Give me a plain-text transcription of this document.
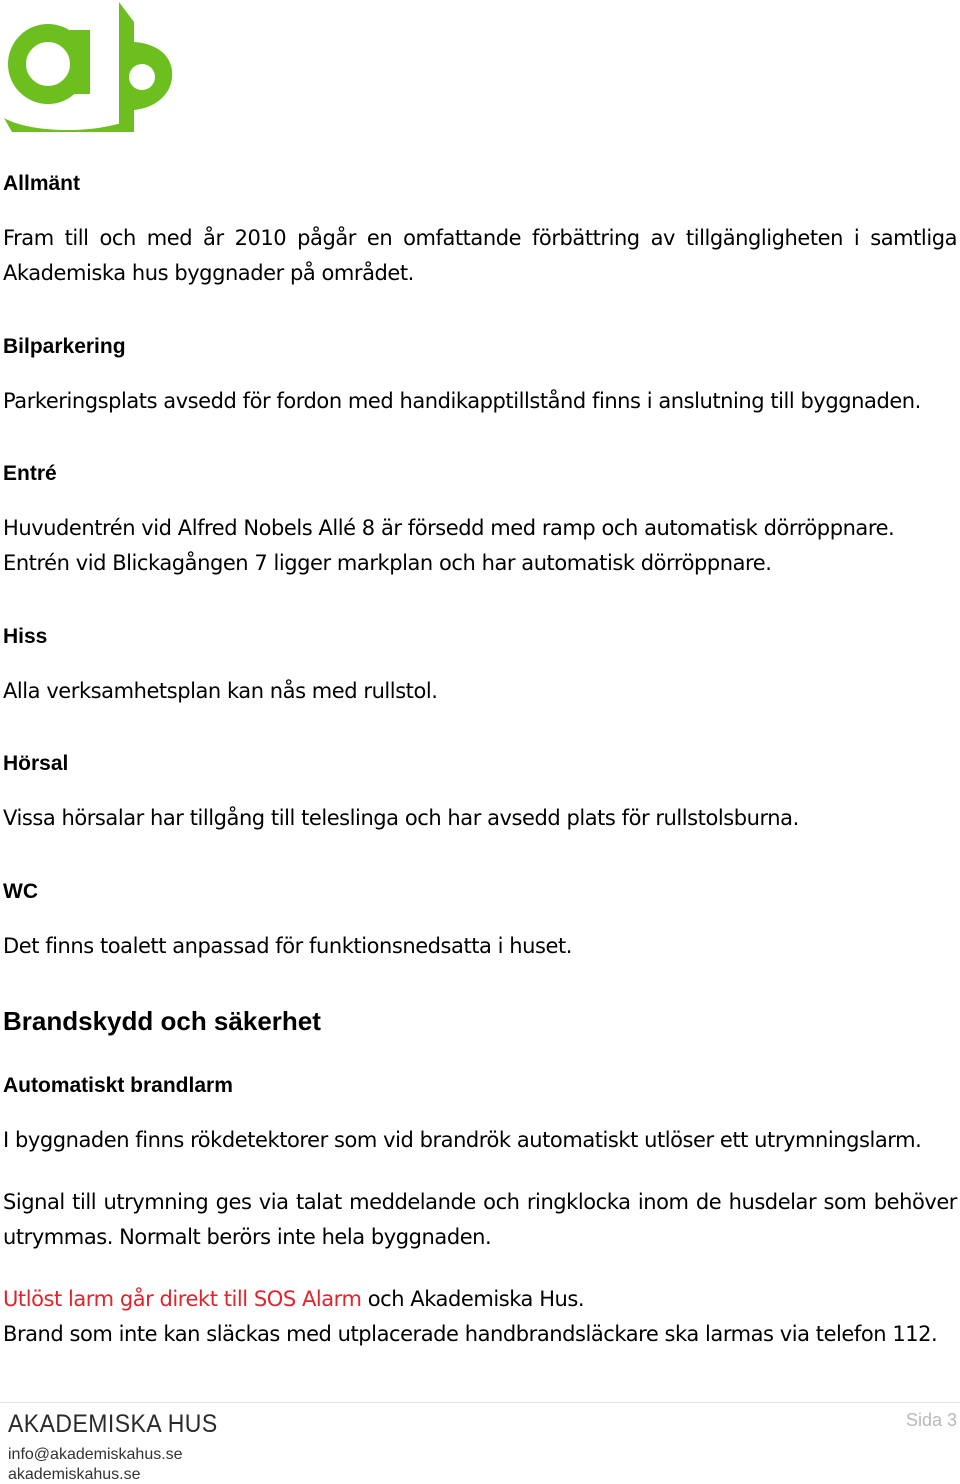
Allmänt

Fram till och med år 2010 pågår en omfattande förbättring av tillgängligheten i samtliga Akademiska hus byggnader på området.

Bilparkering

Parkeringsplats avsedd för fordon med handikapptillstånd finns i anslutning till byggnaden.

Entré

Huvudentrén vid Alfred Nobels Allé 8 är försedd med ramp och automatisk dörröppnare.

Entrén vid Blickagången 7 ligger markplan och har automatisk dörröppnare.

Hiss

Alla verksamhetsplan kan nås med rullstol.

Hörsal

Vissa hörsalar har tillgång till teleslinga och har avsedd plats för rullstolsburna.

WC

Det finns toalett anpassad för funktionsnedsatta i huset.

Brandskydd och säkerhet
Automatiskt brandlarm

I byggnaden finns rökdetektorer som vid brandrök automatiskt utlöser ett utrymningslarm.

Signal till utrymning ges via talat meddelande och ringklocka inom de husdelar som behöver utrymmas. Normalt berörs inte hela byggnaden.

Utlöst larm går direkt till SOS Alarm och Akademiska Hus.

Brand som inte kan släckas med utplacerade handbrandsläckare ska larmas via telefon 112.

AKADEMISKA HUS
info@akademiskahus.se
akademiskahus.se
Sida 3
